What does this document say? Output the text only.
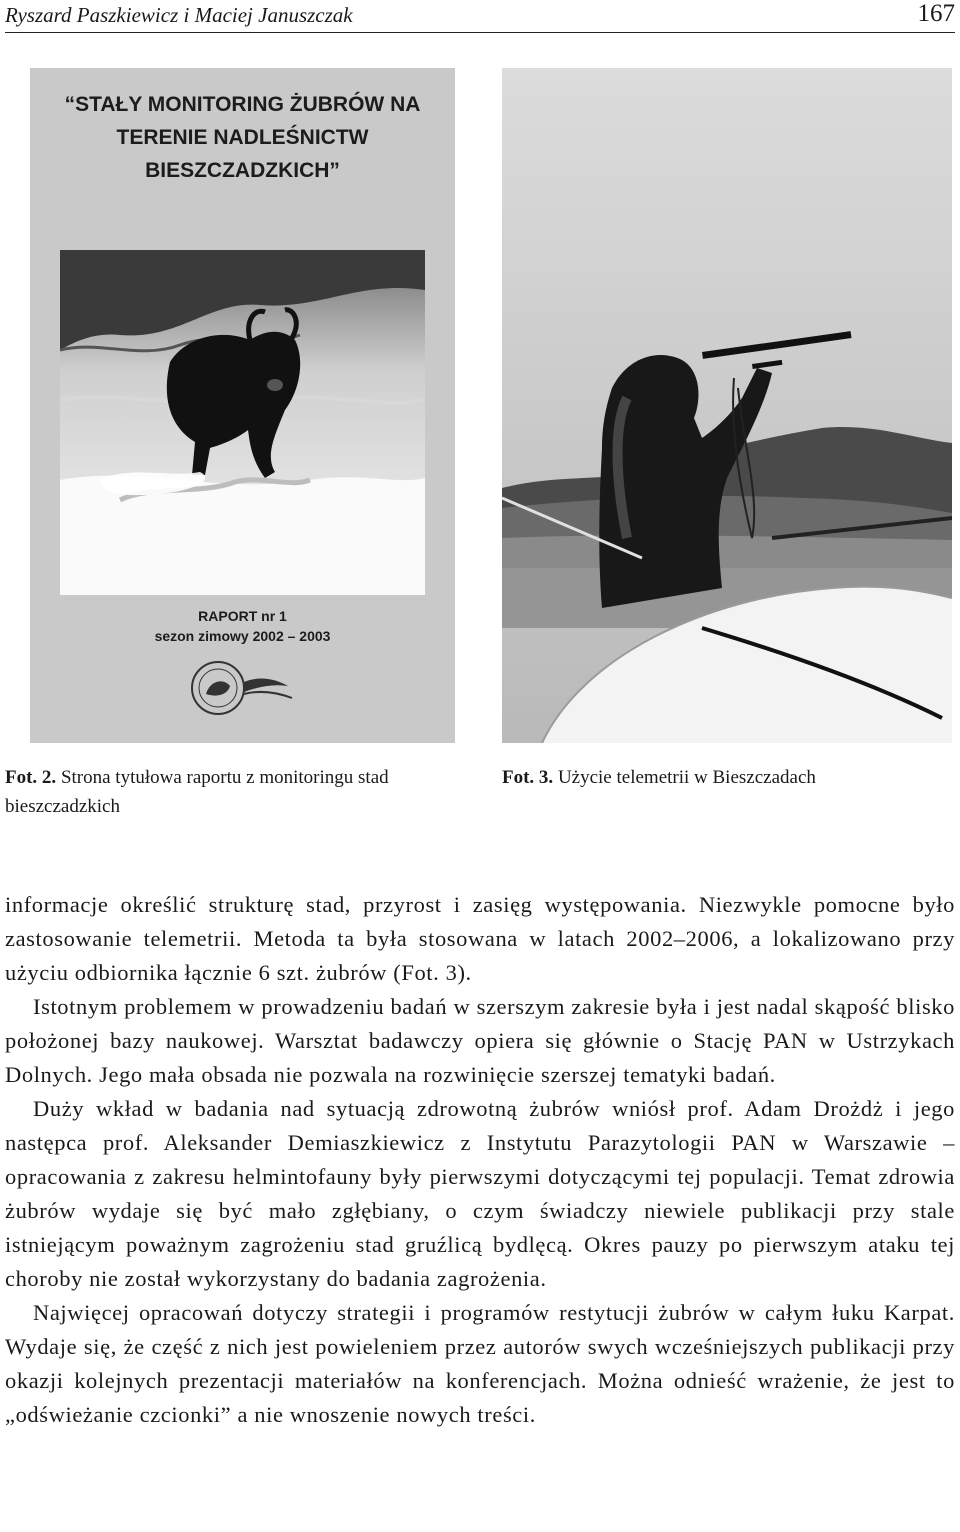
Ryszard Paszkiewicz i Maciej Januszczak	167
“STAŁY MONITORING ŻUBRÓW NA TERENIE NADLEŚNICTW BIESZCZADZKICH”
RAPORT nr 1
sezon zimowy 2002 – 2003
Fot. 2. Strona tytułowa raportu z monitoringu stad bieszczadzkich
Fot. 3. Użycie telemetrii w Bieszczadach

informacje określić strukturę stad, przyrost i zasięg występowania. Niezwykle pomocne było zastosowanie telemetrii. Metoda ta była stosowana w latach 2002–2006, a lokalizowano przy użyciu odbiornika łącznie 6 szt. żubrów (Fot. 3).

Istotnym problemem w prowadzeniu badań w szerszym zakresie była i jest nadal skąpość blisko położonej bazy naukowej. Warsztat badawczy opiera się głównie o Stację PAN w Ustrzykach Dolnych. Jego mała obsada nie pozwala na rozwinięcie szerszej tematyki badań.

Duży wkład w badania nad sytuacją zdrowotną żubrów wniósł prof. Adam Drożdż i jego następca prof. Aleksander Demiaszkiewicz z Instytutu Parazytologii PAN w Warszawie – opracowania z zakresu helmintofauny były pierwszymi dotyczącymi tej populacji. Temat zdrowia żubrów wydaje się być mało zgłębiany, o czym świadczy niewiele publikacji przy stale istniejącym poważnym zagrożeniu stad gruźlicą bydlęcą. Okres pauzy po pierwszym ataku tej choroby nie został wykorzystany do badania zagrożenia.

Najwięcej opracowań dotyczy strategii i programów restytucji żubrów w całym łuku Karpat. Wydaje się, że część z nich jest powieleniem przez autorów swych wcześniejszych publikacji przy okazji kolejnych prezentacji materiałów na konferencjach. Można odnieść wrażenie, że jest to „odświeżanie czcionki” a nie wnoszenie nowych treści.
